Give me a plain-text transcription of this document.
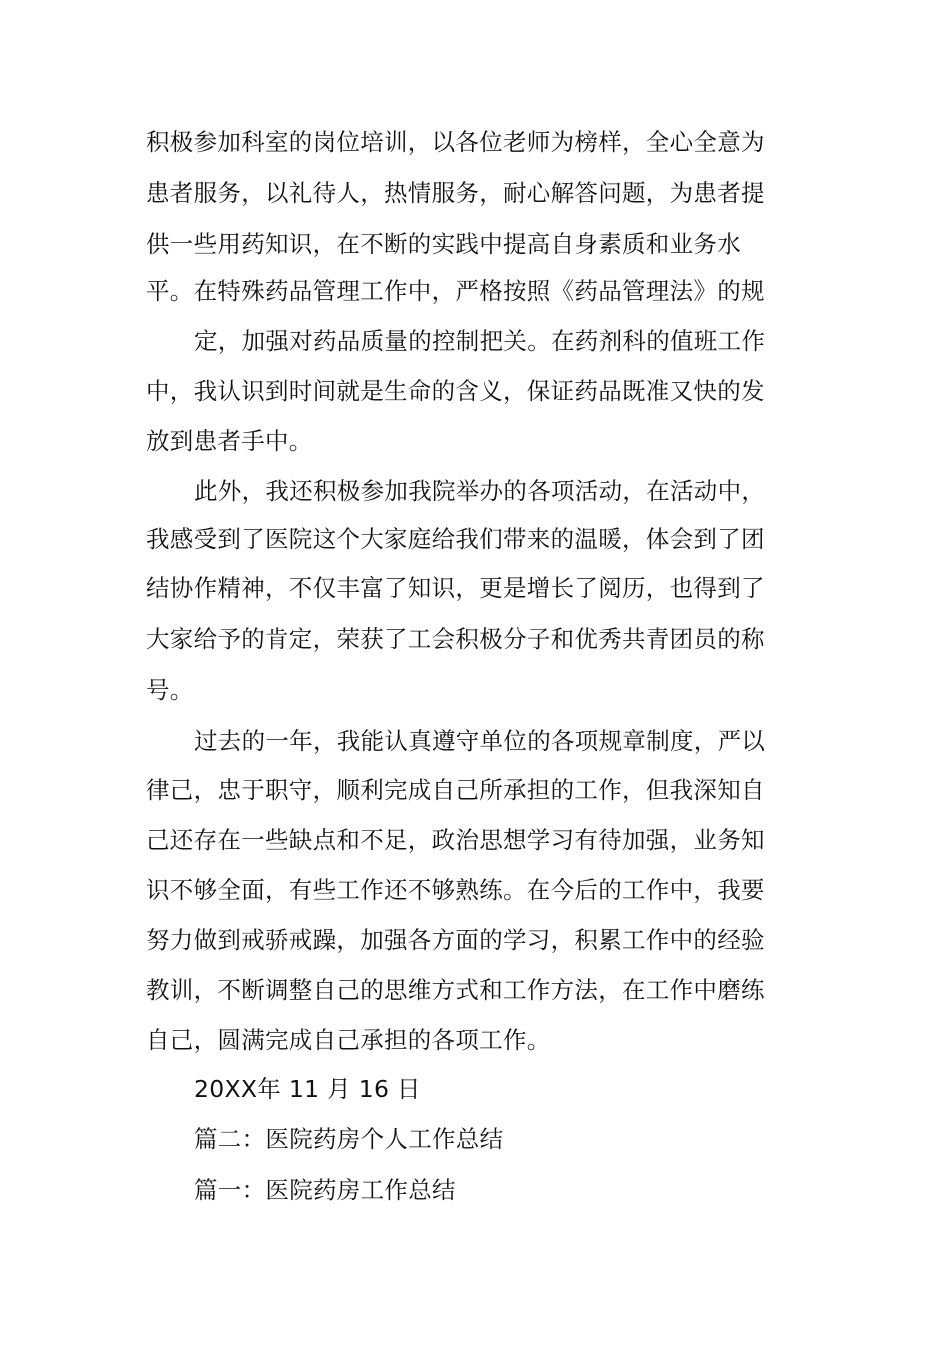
积极参加科室的岗位培训，以各位老师为榜样，全心全意为
患者服务，以礼待人，热情服务，耐心解答问题，为患者提
供一些用药知识，在不断的实践中提高自身素质和业务水
平。在特殊药品管理工作中，严格按照《药品管理法》的规
定，加强对药品质量的控制把关。在药剂科的值班工作
中，我认识到时间就是生命的含义，保证药品既准又快的发
放到患者手中。
此外，我还积极参加我院举办的各项活动，在活动中，
我感受到了医院这个大家庭给我们带来的温暖，体会到了团
结协作精神，不仅丰富了知识，更是增长了阅历，也得到了
大家给予的肯定，荣获了工会积极分子和优秀共青团员的称
号。
过去的一年，我能认真遵守单位的各项规章制度，严以
律己，忠于职守，顺利完成自己所承担的工作，但我深知自
己还存在一些缺点和不足，政治思想学习有待加强，业务知
识不够全面，有些工作还不够熟练。在今后的工作中，我要
努力做到戒骄戒躁，加强各方面的学习，积累工作中的经验
教训，不断调整自己的思维方式和工作方法，在工作中磨练
自己，圆满完成自己承担的各项工作。
20XX年 11 月 16 日
篇二：医院药房个人工作总结
篇一：医院药房工作总结
